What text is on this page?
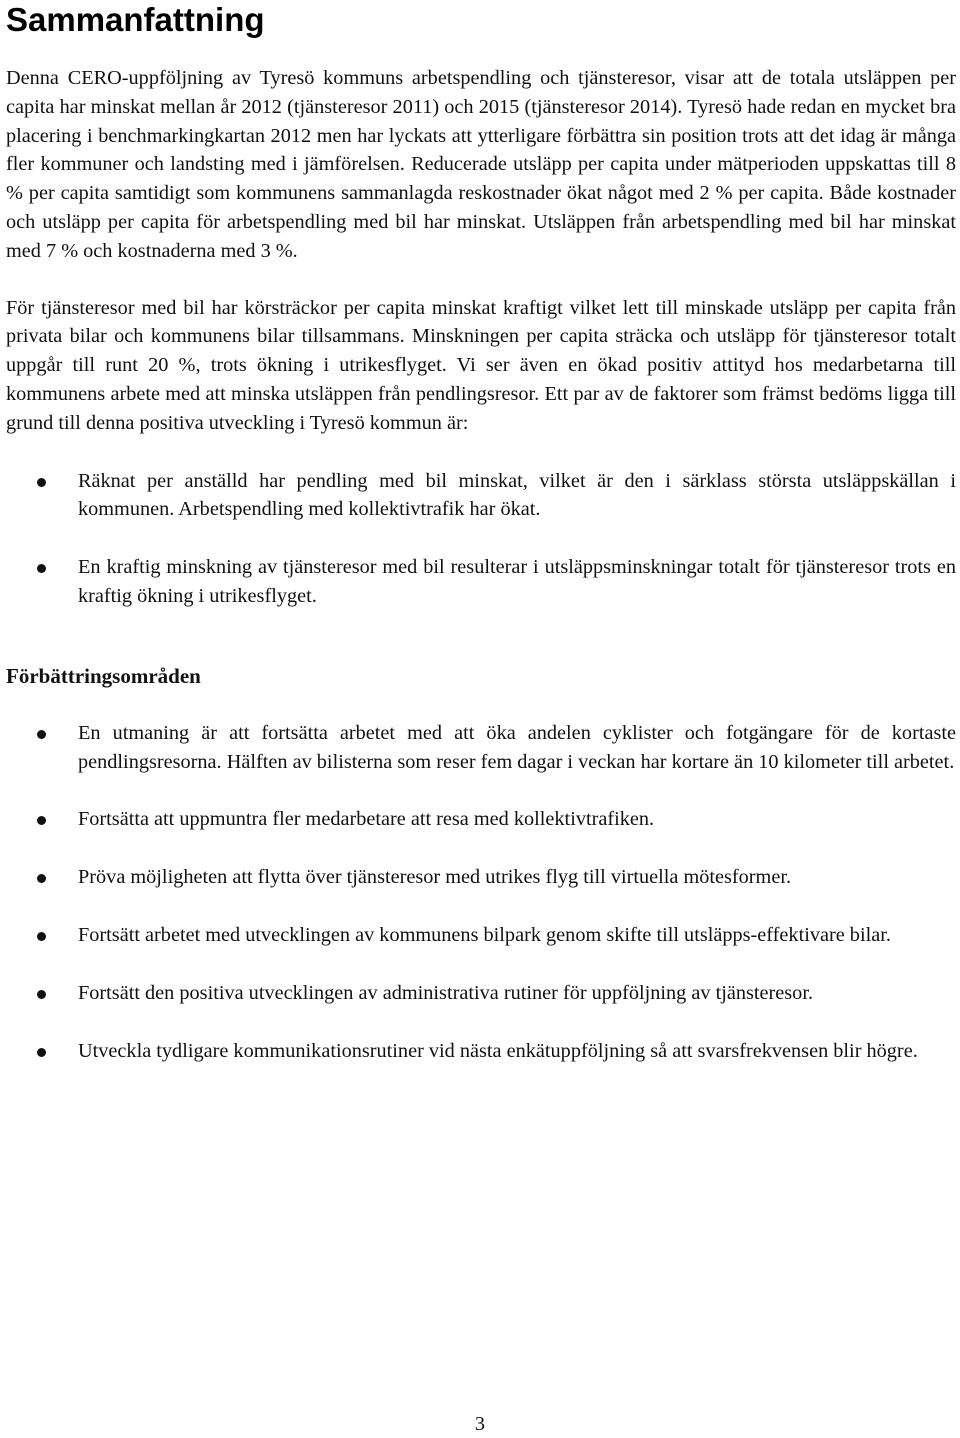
Sammanfattning

Denna CERO-uppföljning av Tyresö kommuns arbetspendling och tjänsteresor, visar att de totala utsläppen per capita har minskat mellan år 2012 (tjänsteresor 2011) och 2015 (tjänsteresor 2014). Tyresö hade redan en mycket bra placering i benchmarkingkartan 2012 men har lyckats att ytterligare förbättra sin position trots att det idag är många fler kommuner och landsting med i jämförelsen. Reducerade utsläpp per capita under mätperioden uppskattas till 8 % per capita samtidigt som kommunens sammanlagda reskostnader ökat något med 2 % per capita. Både kostnader och utsläpp per capita för arbetspendling med bil har minskat. Utsläppen från arbetspendling med bil har minskat med 7 % och kostnaderna med 3 %.

För tjänsteresor med bil har körsträckor per capita minskat kraftigt vilket lett till minskade utsläpp per capita från privata bilar och kommunens bilar tillsammans. Minskningen per capita sträcka och utsläpp för tjänsteresor totalt uppgår till runt 20 %, trots ökning i utrikesflyget. Vi ser även en ökad positiv attityd hos medarbetarna till kommunens arbete med att minska utsläppen från pendlingsresor. Ett par av de faktorer som främst bedöms ligga till grund till denna positiva utveckling i Tyresö kommun är:

Räknat per anställd har pendling med bil minskat, vilket är den i särklass största utsläppskällan i kommunen. Arbetspendling med kollektivtrafik har ökat.
En kraftig minskning av tjänsteresor med bil resulterar i utsläppsminskningar totalt för tjänsteresor trots en kraftig ökning i utrikesflyget.
Förbättringsområden
En utmaning är att fortsätta arbetet med att öka andelen cyklister och fotgängare för de kortaste pendlingsresorna. Hälften av bilisterna som reser fem dagar i veckan har kortare än 10 kilometer till arbetet.
Fortsätta att uppmuntra fler medarbetare att resa med kollektivtrafiken.
Pröva möjligheten att flytta över tjänsteresor med utrikes flyg till virtuella mötesformer.
Fortsätt arbetet med utvecklingen av kommunens bilpark genom skifte till utsläpps-effektivare bilar.
Fortsätt den positiva utvecklingen av administrativa rutiner för uppföljning av tjänsteresor.
Utveckla tydligare kommunikationsrutiner vid nästa enkätuppföljning så att svarsfrekvensen blir högre.
3
